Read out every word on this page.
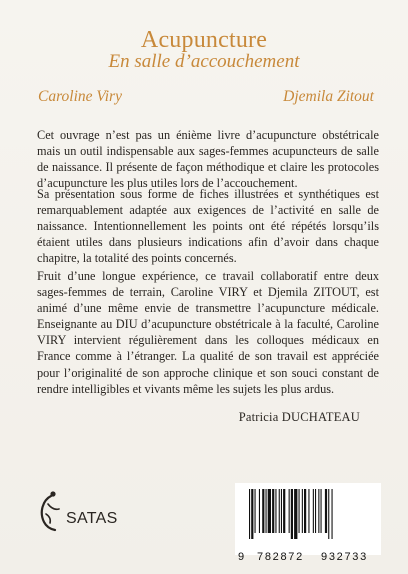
Acupuncture
En salle d’accouchement
Caroline Viry	Djemila Zitout

Cet ouvrage n’est pas un énième livre d’acupuncture obstétricale mais un outil indispensable aux sages-femmes acupuncteurs de salle de naissance. Il présente de façon méthodique et claire les protocoles d’acupuncture les plus utiles lors de l’accouchement.

Sa présentation sous forme de fiches illustrées et synthétiques est remarquablement adaptée aux exigences de l’activité en salle de naissance. Intentionnellement les points ont été répétés lorsqu’ils étaient utiles dans plusieurs indications afin d’avoir dans chaque chapitre, la totalité des points concernés.

Fruit d’une longue expérience, ce travail collaboratif entre deux sages-femmes de terrain, Caroline VIRY et Djemila ZITOUT, est animé d’une même envie de transmettre l’acupuncture médicale. Enseignante au DIU d’acupuncture obstétricale à la faculté, Caroline VIRY intervient régulièrement dans les colloques médicaux en France comme à l’étranger. La qualité de son travail est appréciée pour l’originalité de son approche clinique et son souci constant de rendre intelligibles et vivants même les sujets les plus ardus.

Patricia DUCHATEAU
SATAS
9 782872 932733
